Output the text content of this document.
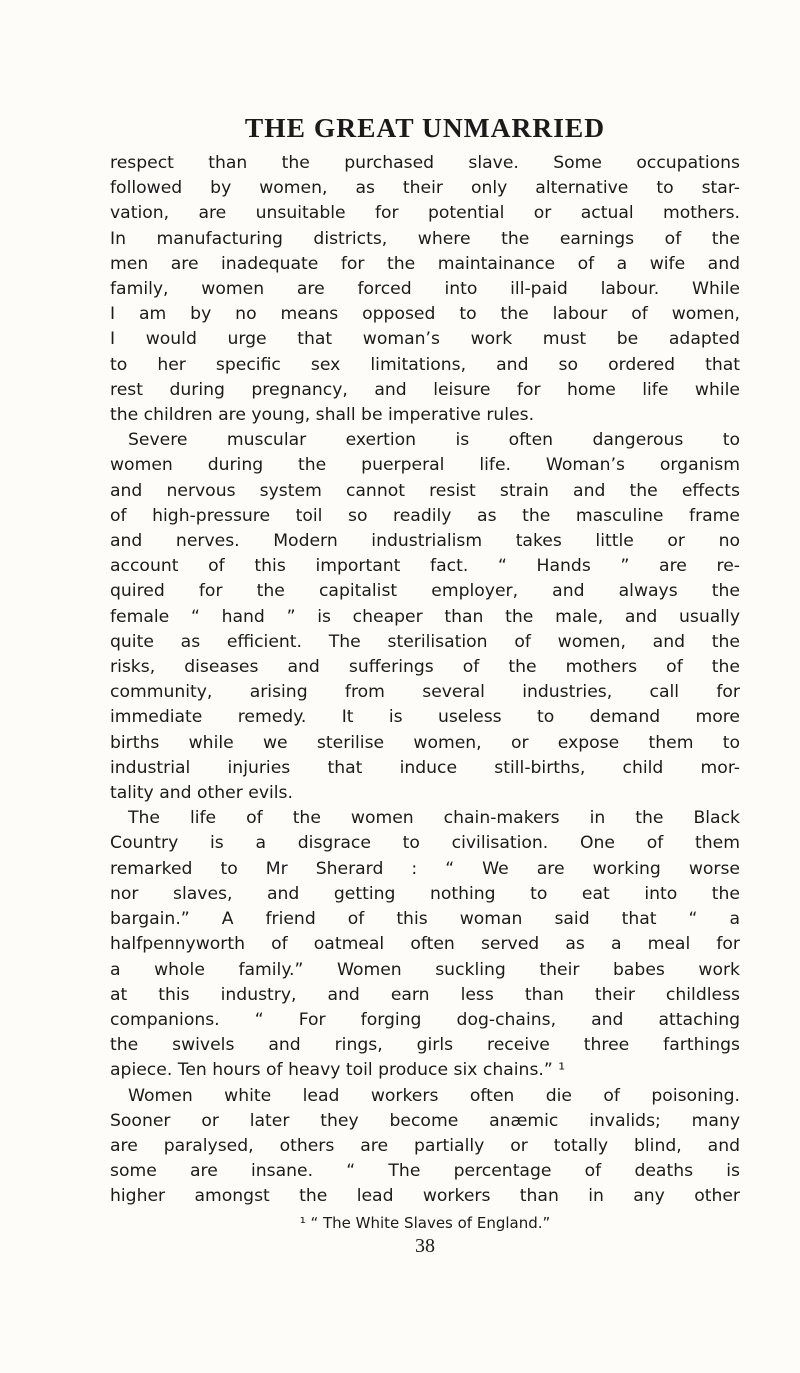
THE GREAT UNMARRIED
respect than the purchased slave. Some occupations
followed by women, as their only alternative to star-
vation, are unsuitable for potential or actual mothers.
In manufacturing districts, where the earnings of the
men are inadequate for the maintainance of a wife and
family, women are forced into ill-paid labour. While
I am by no means opposed to the labour of women,
I would urge that woman’s work must be adapted
to her specific sex limitations, and so ordered that
rest during pregnancy, and leisure for home life while
the children are young, shall be imperative rules.
Severe muscular exertion is often dangerous to
women during the puerperal life. Woman’s organism
and nervous system cannot resist strain and the effects
of high-pressure toil so readily as the masculine frame
and nerves. Modern industrialism takes little or no
account of this important fact. “ Hands ” are re-
quired for the capitalist employer, and always the
female “ hand ” is cheaper than the male, and usually
quite as efficient. The sterilisation of women, and the
risks, diseases and sufferings of the mothers of the
community, arising from several industries, call for
immediate remedy. It is useless to demand more
births while we sterilise women, or expose them to
industrial injuries that induce still-births, child mor-
tality and other evils.
The life of the women chain-makers in the Black
Country is a disgrace to civilisation. One of them
remarked to Mr Sherard : “ We are working worse
nor slaves, and getting nothing to eat into the
bargain.” A friend of this woman said that “ a
halfpennyworth of oatmeal often served as a meal for
a whole family.” Women suckling their babes work
at this industry, and earn less than their childless
companions. “ For forging dog-chains, and attaching
the swivels and rings, girls receive three farthings
apiece. Ten hours of heavy toil produce six chains.” ¹
Women white lead workers often die of poisoning.
Sooner or later they become anæmic invalids; many
are paralysed, others are partially or totally blind, and
some are insane. “ The percentage of deaths is
higher amongst the lead workers than in any other
¹ “ The White Slaves of England.”
38
